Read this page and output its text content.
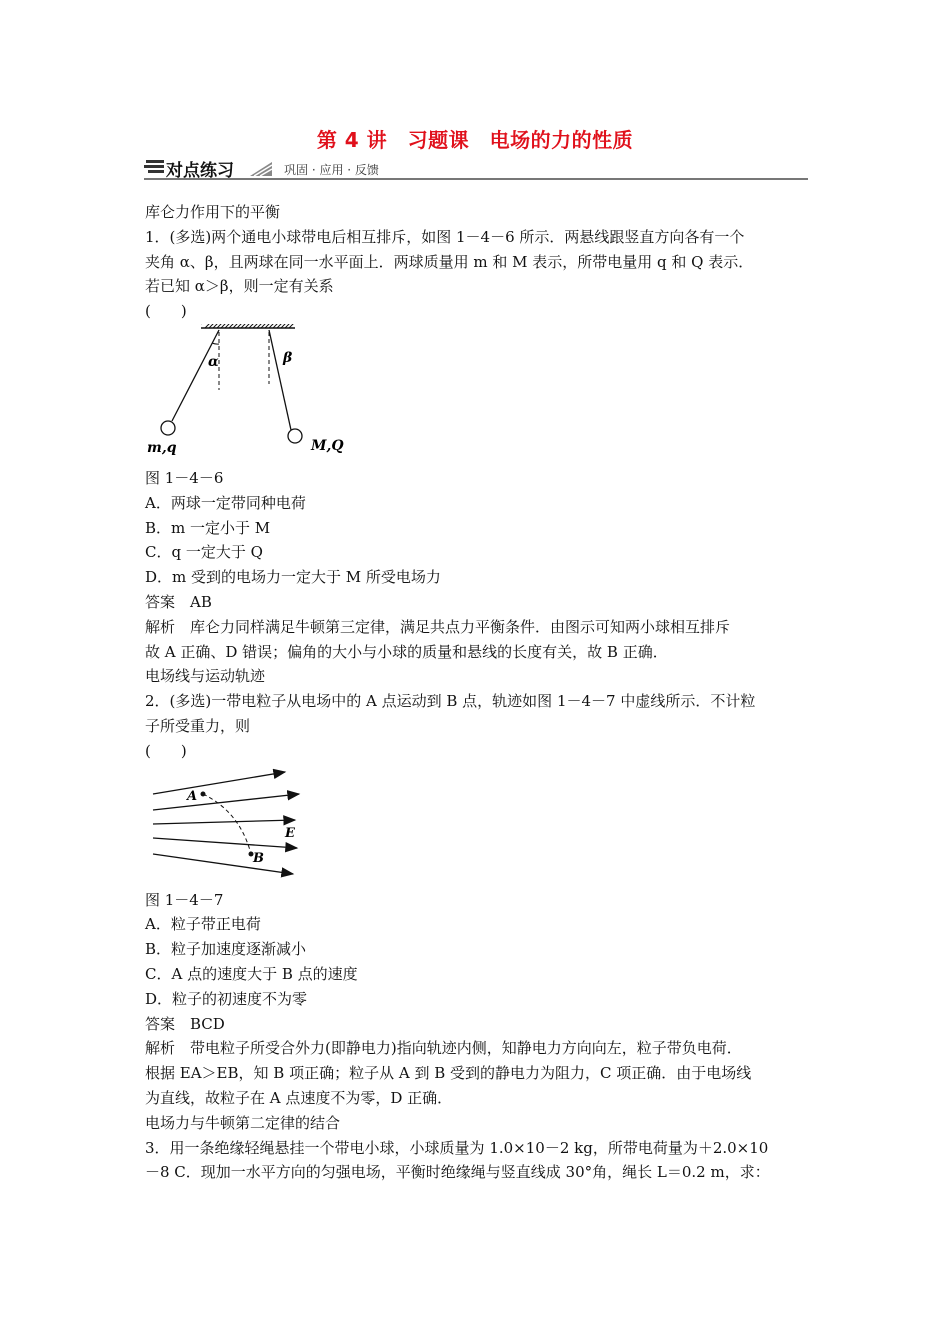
第 4 讲　习题课　电场的力的性质
对点练习	巩固 · 应用 · 反馈
库仑力作用下的平衡
1．(多选)两个通电小球带电后相互排斥，如图 1－4－6 所示．两悬线跟竖直方向各有一个
夹角 α、β，且两球在同一水平面上．两球质量用 m 和 M 表示，所带电量用 q 和 Q 表示．
若已知 α＞β，则一定有关系
(　　)
α	β
m,q	M,Q
图 1－4－6
A．两球一定带同种电荷
B．m 一定小于 M
C．q 一定大于 Q
D．m 受到的电场力一定大于 M 所受电场力
答案　AB
解析　库仑力同样满足牛顿第三定律，满足共点力平衡条件．由图示可知两小球相互排斥
故 A 正确、D 错误；偏角的大小与小球的质量和悬线的长度有关，故 B 正确．
电场线与运动轨迹
2．(多选)一带电粒子从电场中的 A 点运动到 B 点，轨迹如图 1－4－7 中虚线所示．不计粒
子所受重力，则
(　　)
A
B
E
图 1－4－7
A．粒子带正电荷
B．粒子加速度逐渐减小
C．A 点的速度大于 B 点的速度
D．粒子的初速度不为零
答案　BCD
解析　带电粒子所受合外力(即静电力)指向轨迹内侧，知静电力方向向左，粒子带负电荷．
根据 EA＞EB，知 B 项正确；粒子从 A 到 B 受到的静电力为阻力，C 项正确．由于电场线
为直线，故粒子在 A 点速度不为零，D 正确．
电场力与牛顿第二定律的结合
3．用一条绝缘轻绳悬挂一个带电小球，小球质量为 1.0×10－2 kg，所带电荷量为＋2.0×10
－8 C．现加一水平方向的匀强电场，平衡时绝缘绳与竖直线成 30°角，绳长 L＝0.2 m，求：
